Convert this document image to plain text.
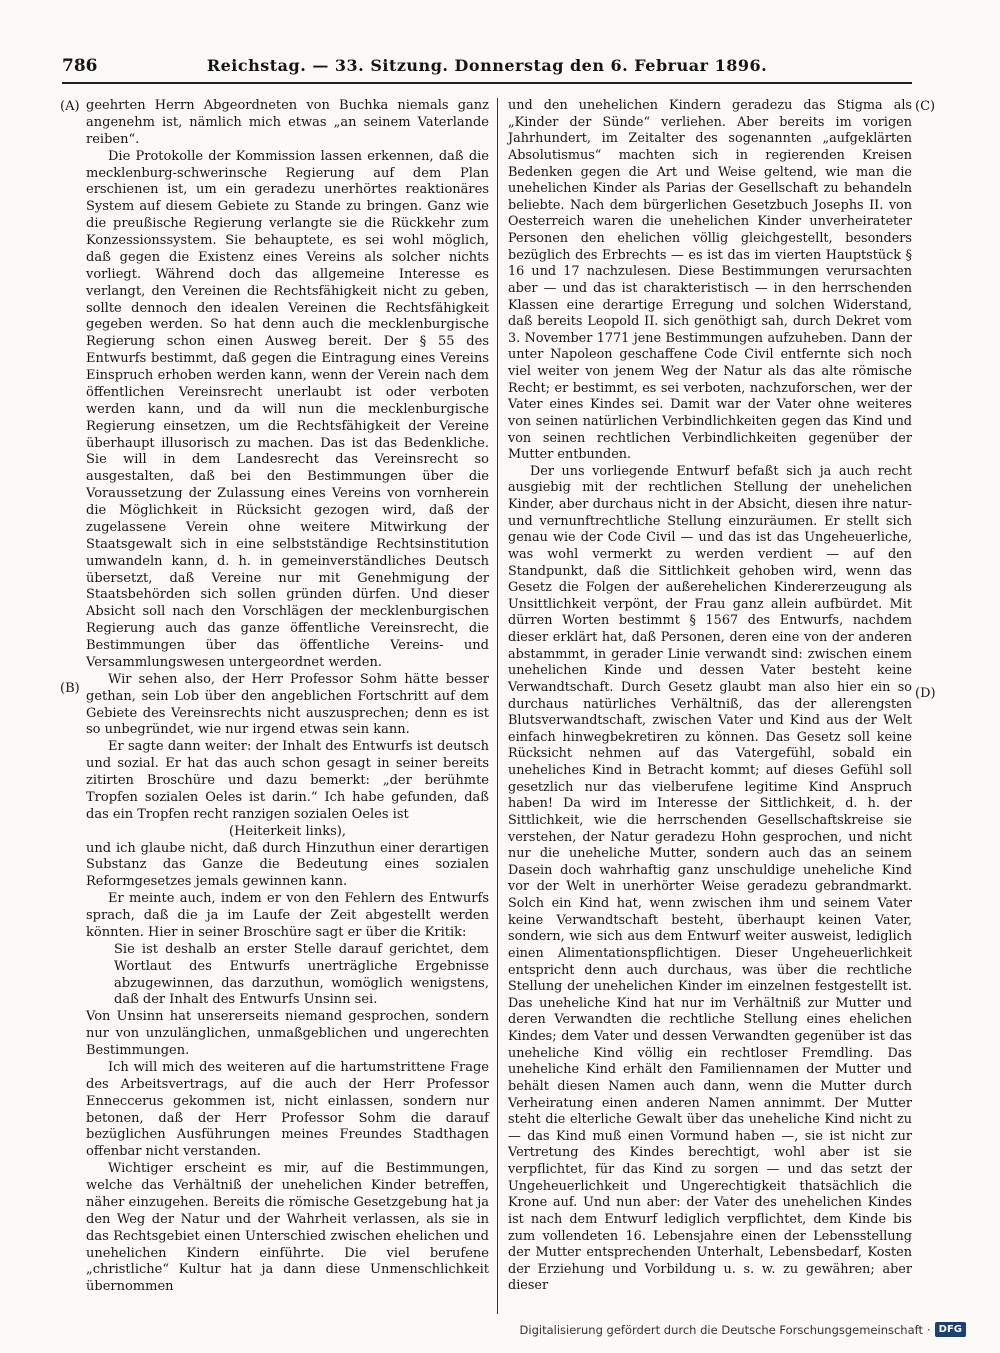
786	Reichstag. — 33. Sitzung. Donnerstag den 6. Februar 1896.
(A)
(B)
(C)
(D)

geehrten Herrn Abgeordneten von Buchka niemals ganz angenehm ist, nämlich mich etwas „an seinem Vaterlande reiben“.

Die Protokolle der Kommission lassen erkennen, daß die mecklenburg-schwerinsche Regierung auf dem Plan erschienen ist, um ein geradezu unerhörtes reaktionäres System auf diesem Gebiete zu Stande zu bringen. Ganz wie die preußische Regierung verlangte sie die Rückkehr zum Konzessionssystem. Sie behauptete, es sei wohl möglich, daß gegen die Existenz eines Vereins als solcher nichts vorliegt. Während doch das allgemeine Interesse es verlangt, den Vereinen die Rechtsfähigkeit nicht zu geben, sollte dennoch den idealen Vereinen die Rechtsfähigkeit gegeben werden. So hat denn auch die mecklenburgische Regierung schon einen Ausweg bereit. Der § 55 des Entwurfs bestimmt, daß gegen die Eintragung eines Vereins Einspruch erhoben werden kann, wenn der Verein nach dem öffentlichen Vereinsrecht unerlaubt ist oder verboten werden kann, und da will nun die mecklenburgische Regierung einsetzen, um die Rechtsfähigkeit der Vereine überhaupt illusorisch zu machen. Das ist das Bedenkliche. Sie will in dem Landesrecht das Vereinsrecht so ausgestalten, daß bei den Bestimmungen über die Voraussetzung der Zulassung eines Vereins von vornherein die Möglichkeit in Rücksicht gezogen wird, daß der zugelassene Verein ohne weitere Mitwirkung der Staatsgewalt sich in eine selbstständige Rechtsinstitution umwandeln kann, d. h. in gemeinverständliches Deutsch übersetzt, daß Vereine nur mit Genehmigung der Staatsbehörden sich sollen gründen dürfen. Und dieser Absicht soll nach den Vorschlägen der mecklenburgischen Regierung auch das ganze öffentliche Vereinsrecht, die Bestimmungen über das öffentliche Vereins- und Versammlungswesen untergeordnet werden.

Wir sehen also, der Herr Professor Sohm hätte besser gethan, sein Lob über den angeblichen Fortschritt auf dem Gebiete des Vereinsrechts nicht auszusprechen; denn es ist so unbegründet, wie nur irgend etwas sein kann.

Er sagte dann weiter: der Inhalt des Entwurfs ist deutsch und sozial. Er hat das auch schon gesagt in seiner bereits zitirten Broschüre und dazu bemerkt: „der berühmte Tropfen sozialen Oeles ist darin.“ Ich habe gefunden, daß das ein Tropfen recht ranzigen sozialen Oeles ist

(Heiterkeit links),

und ich glaube nicht, daß durch Hinzuthun einer derartigen Substanz das Ganze die Bedeutung eines sozialen Reformgesetzes jemals gewinnen kann.

Er meinte auch, indem er von den Fehlern des Entwurfs sprach, daß die ja im Laufe der Zeit abgestellt werden könnten. Hier in seiner Broschüre sagt er über die Kritik:

Sie ist deshalb an erster Stelle darauf gerichtet, dem Wortlaut des Entwurfs unerträgliche Ergebnisse abzugewinnen, das darzuthun, womöglich wenigstens, daß der Inhalt des Entwurfs Unsinn sei.

Von Unsinn hat unsererseits niemand gesprochen, sondern nur von unzulänglichen, unmaßgeblichen und ungerechten Bestimmungen.

Ich will mich des weiteren auf die hartumstrittene Frage des Arbeitsvertrags, auf die auch der Herr Professor Enneccerus gekommen ist, nicht einlassen, sondern nur betonen, daß der Herr Professor Sohm die darauf bezüglichen Ausführungen meines Freundes Stadthagen offenbar nicht verstanden.

Wichtiger erscheint es mir, auf die Bestimmungen, welche das Verhältniß der unehelichen Kinder betreffen, näher einzugehen. Bereits die römische Gesetzgebung hat ja den Weg der Natur und der Wahrheit verlassen, als sie in das Rechtsgebiet einen Unterschied zwischen ehelichen und unehelichen Kindern einführte. Die viel berufene „christliche“ Kultur hat ja dann diese Unmenschlichkeit übernommen

und den unehelichen Kindern geradezu das Stigma als „Kinder der Sünde“ verliehen. Aber bereits im vorigen Jahrhundert, im Zeitalter des sogenannten „aufgeklärten Absolutismus“ machten sich in regierenden Kreisen Bedenken gegen die Art und Weise geltend, wie man die unehelichen Kinder als Parias der Gesellschaft zu behandeln beliebte. Nach dem bürgerlichen Gesetzbuch Josephs II. von Oesterreich waren die unehelichen Kinder unverheirateter Personen den ehelichen völlig gleichgestellt, besonders bezüglich des Erbrechts — es ist das im vierten Hauptstück § 16 und 17 nachzulesen. Diese Bestimmungen verursachten aber — und das ist charakteristisch — in den herrschenden Klassen eine derartige Erregung und solchen Widerstand, daß bereits Leopold II. sich genöthigt sah, durch Dekret vom 3. November 1771 jene Bestimmungen aufzuheben. Dann der unter Napoleon geschaffene Code Civil entfernte sich noch viel weiter von jenem Weg der Natur als das alte römische Recht; er bestimmt, es sei verboten, nachzuforschen, wer der Vater eines Kindes sei. Damit war der Vater ohne weiteres von seinen natürlichen Verbindlichkeiten gegen das Kind und von seinen rechtlichen Verbindlichkeiten gegenüber der Mutter entbunden.

Der uns vorliegende Entwurf befaßt sich ja auch recht ausgiebig mit der rechtlichen Stellung der unehelichen Kinder, aber durchaus nicht in der Absicht, diesen ihre natur- und vernunftrechtliche Stellung einzuräumen. Er stellt sich genau wie der Code Civil — und das ist das Ungeheuerliche, was wohl vermerkt zu werden verdient — auf den Standpunkt, daß die Sittlichkeit gehoben wird, wenn das Gesetz die Folgen der außerehelichen Kindererzeugung als Unsittlichkeit verpönt, der Frau ganz allein aufbürdet. Mit dürren Worten bestimmt § 1567 des Entwurfs, nachdem dieser erklärt hat, daß Personen, deren eine von der anderen abstammmt, in gerader Linie verwandt sind: zwischen einem unehelichen Kinde und dessen Vater besteht keine Verwandtschaft. Durch Gesetz glaubt man also hier ein so durchaus natürliches Verhältniß, das der allerengsten Blutsverwandtschaft, zwischen Vater und Kind aus der Welt einfach hinwegbekretiren zu können. Das Gesetz soll keine Rücksicht nehmen auf das Vatergefühl, sobald ein uneheliches Kind in Betracht kommt; auf dieses Gefühl soll gesetzlich nur das vielberufene legitime Kind Anspruch haben! Da wird im Interesse der Sittlichkeit, d. h. der Sittlichkeit, wie die herrschenden Gesellschaftskreise sie verstehen, der Natur geradezu Hohn gesprochen, und nicht nur die uneheliche Mutter, sondern auch das an seinem Dasein doch wahrhaftig ganz unschuldige uneheliche Kind vor der Welt in unerhörter Weise geradezu gebrandmarkt. Solch ein Kind hat, wenn zwischen ihm und seinem Vater keine Verwandtschaft besteht, überhaupt keinen Vater, sondern, wie sich aus dem Entwurf weiter ausweist, lediglich einen Alimentationspflichtigen. Dieser Ungeheuerlichkeit entspricht denn auch durchaus, was über die rechtliche Stellung der unehelichen Kinder im einzelnen festgestellt ist. Das uneheliche Kind hat nur im Verhältniß zur Mutter und deren Verwandten die rechtliche Stellung eines ehelichen Kindes; dem Vater und dessen Verwandten gegenüber ist das uneheliche Kind völlig ein rechtloser Fremdling. Das uneheliche Kind erhält den Familiennamen der Mutter und behält diesen Namen auch dann, wenn die Mutter durch Verheiratung einen anderen Namen annimmt. Der Mutter steht die elterliche Gewalt über das uneheliche Kind nicht zu — das Kind muß einen Vormund haben —, sie ist nicht zur Vertretung des Kindes berechtigt, wohl aber ist sie verpflichtet, für das Kind zu sorgen — und das setzt der Ungeheuerlichkeit und Ungerechtigkeit thatsächlich die Krone auf. Und nun aber: der Vater des unehelichen Kindes ist nach dem Entwurf lediglich verpflichtet, dem Kinde bis zum vollendeten 16. Lebensjahre einen der Lebensstellung der Mutter entsprechenden Unterhalt, Lebensbedarf, Kosten der Erziehung und Vorbildung u. s. w. zu gewähren; aber dieser

Digitalisierung gefördert durch die Deutsche Forschungsgemeinschaft · DFG
